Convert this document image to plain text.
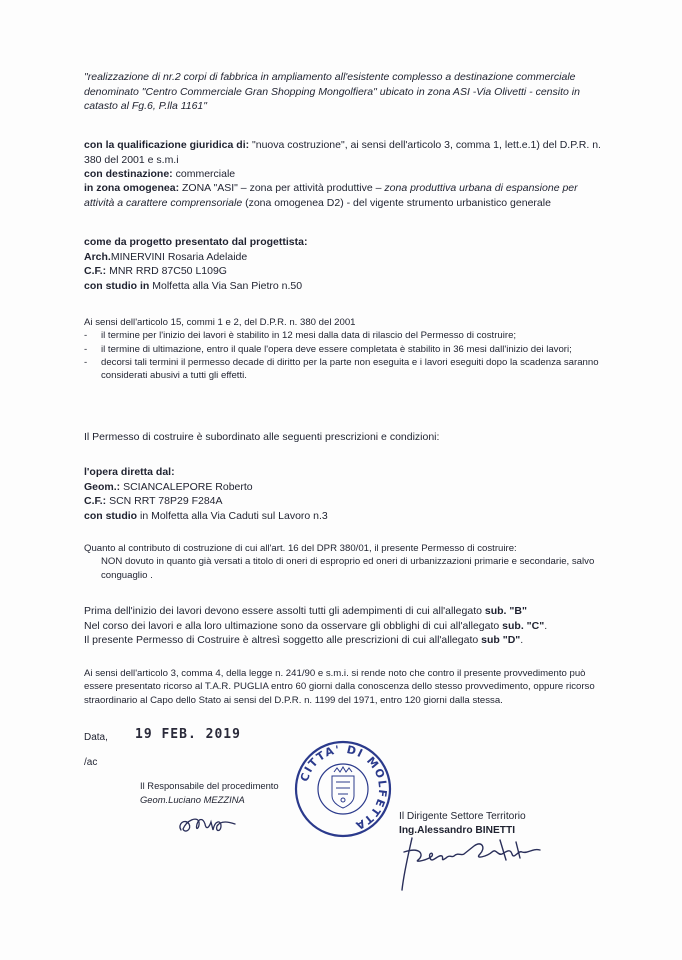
"realizzazione di nr.2 corpi di fabbrica in ampliamento all'esistente complesso a destinazione commerciale denominato "Centro Commerciale Gran Shopping Mongolfiera" ubicato in zona ASI -Via Olivetti - censito in catasto al Fg.6, P.lla 1161"
con la qualificazione giuridica di: "nuova costruzione", ai sensi dell'articolo 3, comma 1, lett.e.1) del D.P.R. n. 380 del 2001 e s.m.i
con destinazione: commerciale
in zona omogenea: ZONA "ASI" – zona per attività produttive – zona produttiva urbana di espansione per attività a carattere comprensoriale (zona omogenea D2) - del vigente strumento urbanistico generale
come da progetto presentato dal progettista:
Arch.MINERVINI Rosaria Adelaide
C.F.: MNR RRD 87C50 L109G
con studio in Molfetta alla Via San Pietro n.50
Ai sensi dell'articolo 15, commi 1 e 2, del D.P.R. n. 380 del 2001
- il termine per l'inizio dei lavori è stabilito in 12 mesi dalla data di rilascio del Permesso di costruire;
- il termine di ultimazione, entro il quale l'opera deve essere completata è stabilito in 36 mesi dall'inizio dei lavori;
- decorsi tali termini il permesso decade di diritto per la parte non eseguita e i lavori eseguiti dopo la scadenza saranno considerati abusivi a tutti gli effetti.
Il Permesso di costruire è subordinato alle seguenti prescrizioni e condizioni:
l'opera diretta dal:
Geom.: SCIANCALEPORE Roberto
C.F.: SCN RRT 78P29 F284A
con studio in Molfetta alla Via Caduti sul Lavoro n.3
Quanto al contributo di costruzione di cui all'art. 16 del DPR 380/01, il presente Permesso di costruire:
NON dovuto in quanto già versati a titolo di oneri di esproprio ed oneri di urbanizzazioni primarie e secondarie, salvo conguaglio .
Prima dell'inizio dei lavori devono essere assolti tutti gli adempimenti di cui all'allegato sub. "B"
Nel corso dei lavori e alla loro ultimazione sono da osservare gli obblighi di cui all'allegato sub. "C".
Il presente Permesso di Costruire è altresì soggetto alle prescrizioni di cui all'allegato sub "D".
Ai sensi dell'articolo 3, comma 4, della legge n. 241/90 e s.m.i. si rende noto che contro il presente provvedimento può essere presentato ricorso al T.A.R. PUGLIA entro 60 giorni dalla conoscenza dello stesso provvedimento, oppure ricorso straordinario al Capo dello Stato ai sensi del D.P.R. n. 1199 del 1971, entro 120 giorni dalla stessa.
Data, 19 FEB. 2019
/ac
Il Responsabile del procedimento
Geom.Luciano MEZZINA
CITTA' DI MOLFETTA
Il Dirigente Settore Territorio
Ing.Alessandro BINETTI
